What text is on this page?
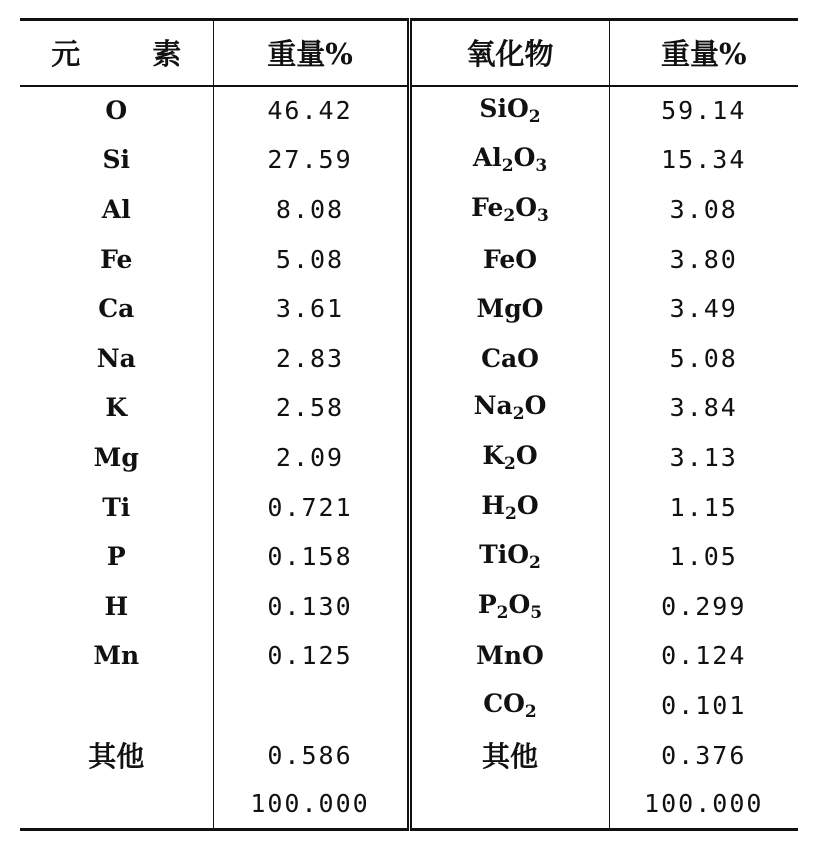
元 素	重量%	氧化物	重量%
O	46.42	SiO$_2$	59.14
Si	27.59	$Al_2O_3$	15.34
Al	8.08	$Fe_2O_3$	3.08
Fe	5.08	FeO	3.80
Ca	3.61	MgO	3.49
Na	2.83	CaO	5.08
K	2.58	$Na_2O$	3.84
Mg	2.09	$K_2O$	3.13
Ti	0.721	$H_2O$	1.15
P	0.158	TiO$_2$	1.05
H	0.130	$P_2O_5$	0.299
Mn	0.125	MnO	0.124
		$CO_2$	0.101
其他	0.586	其他	0.376
	100.000		100.000
